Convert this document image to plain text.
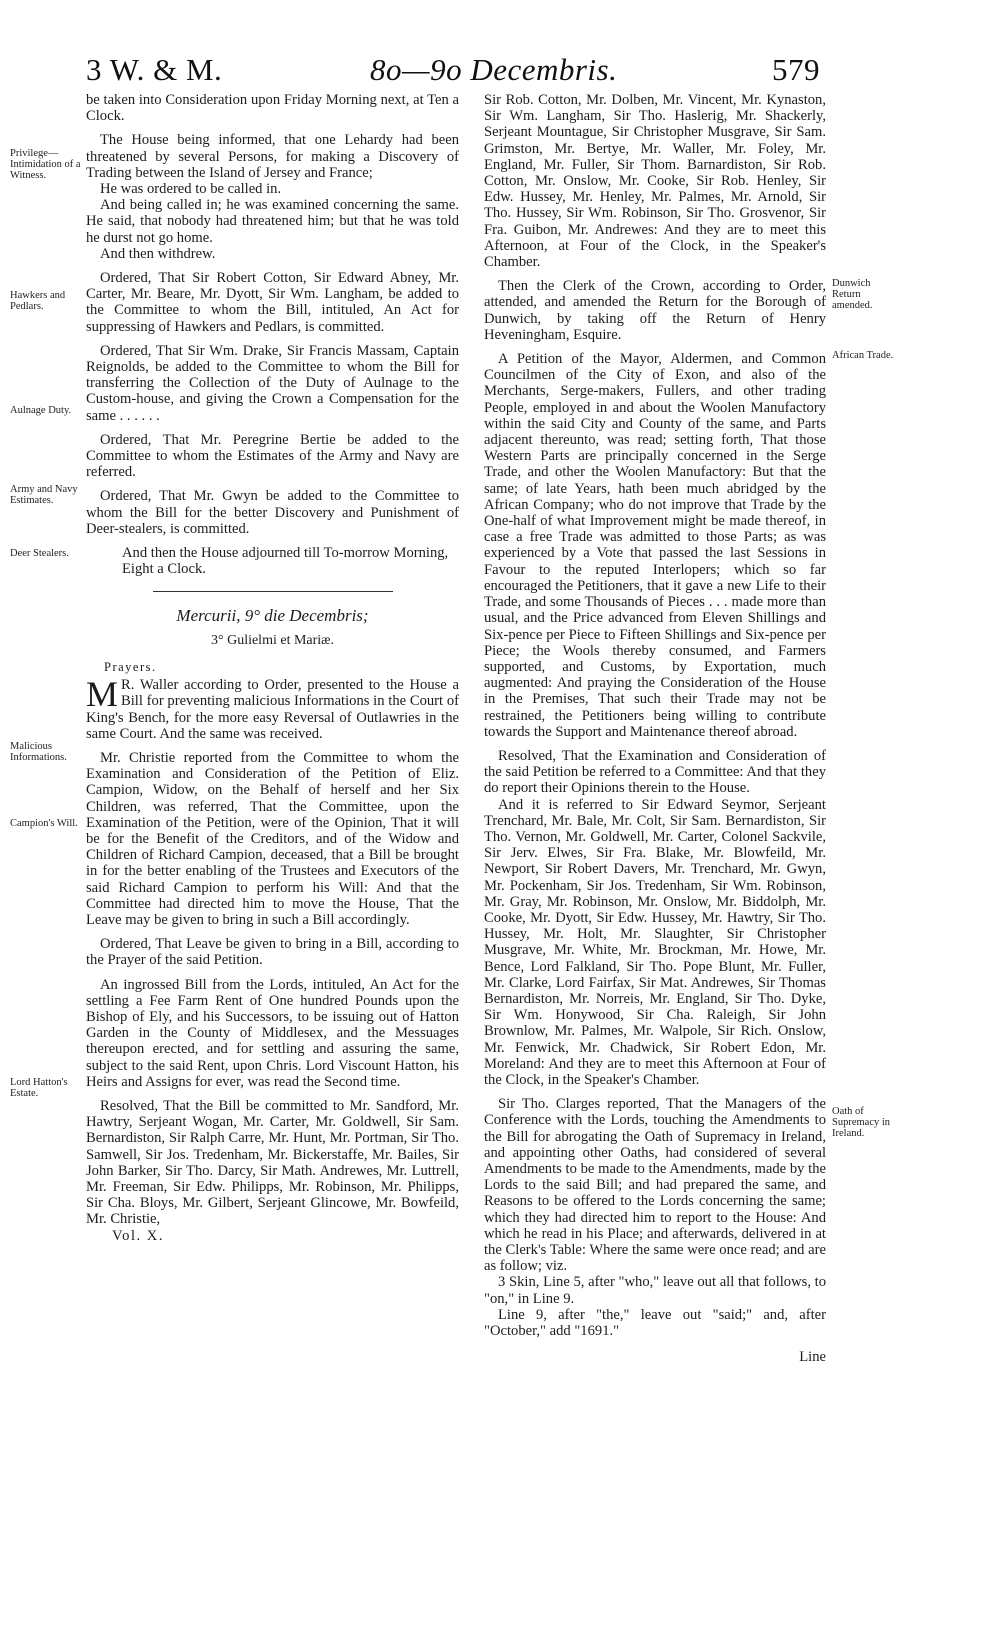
3 W. & M.	8o—9o Decembris.	579
Privilege— Intimidation of a Witness.
Hawkers and Pedlars.
Aulnage Duty.
Army and Navy Estimates.
Deer Stealers.
Malicious Informations.
Campion's Will.
Lord Hatton's Estate.
Dunwich Return amended.
African Trade.
Oath of Supremacy in Ireland.

be taken into Consideration upon Friday Morning next, at Ten a Clock.

The House being informed, that one Lehardy had been threatened by several Persons, for making a Discovery of Trading between the Island of Jersey and France;

He was ordered to be called in.

And being called in; he was examined concerning the same. He said, that nobody had threatened him; but that he was told he durst not go home.

And then withdrew.

Ordered, That Sir Robert Cotton, Sir Edward Abney, Mr. Carter, Mr. Beare, Mr. Dyott, Sir Wm. Langham, be added to the Committee to whom the Bill, intituled, An Act for suppressing of Hawkers and Pedlars, is committed.

Ordered, That Sir Wm. Drake, Sir Francis Massam, Captain Reignolds, be added to the Committee to whom the Bill for transferring the Collection of the Duty of Aulnage to the Custom-house, and giving the Crown a Compensation for the same . . . . . .

Ordered, That Mr. Peregrine Bertie be added to the Committee to whom the Estimates of the Army and Navy are referred.

Ordered, That Mr. Gwyn be added to the Committee to whom the Bill for the better Discovery and Punishment of Deer-stealers, is committed.

And then the House adjourned till To-morrow Morning, Eight a Clock.

Mercurii, 9° die Decembris;
3° Gulielmi et Mariæ.

Prayers.

M R. Waller according to Order, presented to the House a Bill for preventing malicious Informations in the Court of King's Bench, for the more easy Reversal of Outlawries in the same Court. And the same was received.

Mr. Christie reported from the Committee to whom the Examination and Consideration of the Petition of Eliz. Campion, Widow, on the Behalf of herself and her Six Children, was referred, That the Committee, upon the Examination of the Petition, were of the Opinion, That it will be for the Benefit of the Creditors, and of the Widow and Children of Richard Campion, deceased, that a Bill be brought in for the better enabling of the Trustees and Executors of the said Richard Campion to perform his Will: And that the Committee had directed him to move the House, That the Leave may be given to bring in such a Bill accordingly.

Ordered, That Leave be given to bring in a Bill, according to the Prayer of the said Petition.

An ingrossed Bill from the Lords, intituled, An Act for the settling a Fee Farm Rent of One hundred Pounds upon the Bishop of Ely, and his Successors, to be issuing out of Hatton Garden in the County of Middlesex, and the Messuages thereupon erected, and for settling and assuring the same, subject to the said Rent, upon Chris. Lord Viscount Hatton, his Heirs and Assigns for ever, was read the Second time.

Resolved, That the Bill be committed to Mr. Sandford, Mr. Hawtry, Serjeant Wogan, Mr. Carter, Mr. Goldwell, Sir Sam. Bernardiston, Sir Ralph Carre, Mr. Hunt, Mr. Portman, Sir Tho. Samwell, Sir Jos. Tredenham, Mr. Bickerstaffe, Mr. Bailes, Sir John Barker, Sir Tho. Darcy, Sir Math. Andrewes, Mr. Luttrell, Mr. Freeman, Sir Edw. Philipps, Mr. Robinson, Mr. Philipps, Sir Cha. Bloys, Mr. Gilbert, Serjeant Glincowe, Mr. Bowfeild, Mr. Christie,

Vol. X.

Sir Rob. Cotton, Mr. Dolben, Mr. Vincent, Mr. Kynaston, Sir Wm. Langham, Sir Tho. Haslerig, Mr. Shackerly, Serjeant Mountague, Sir Christopher Musgrave, Sir Sam. Grimston, Mr. Bertye, Mr. Waller, Mr. Foley, Mr. England, Mr. Fuller, Sir Thom. Barnardiston, Sir Rob. Cotton, Mr. Onslow, Mr. Cooke, Sir Rob. Henley, Sir Edw. Hussey, Mr. Henley, Mr. Palmes, Mr. Arnold, Sir Tho. Hussey, Sir Wm. Robinson, Sir Tho. Grosvenor, Sir Fra. Guibon, Mr. Andrewes: And they are to meet this Afternoon, at Four of the Clock, in the Speaker's Chamber.

Then the Clerk of the Crown, according to Order, attended, and amended the Return for the Borough of Dunwich, by taking off the Return of Henry Heveningham, Esquire.

A Petition of the Mayor, Aldermen, and Common Councilmen of the City of Exon, and also of the Merchants, Serge-makers, Fullers, and other trading People, employed in and about the Woolen Manufactory within the said City and County of the same, and Parts adjacent thereunto, was read; setting forth, That those Western Parts are principally concerned in the Serge Trade, and other the Woolen Manufactory: But that the same; of late Years, hath been much abridged by the African Company; who do not improve that Trade by the One-half of what Improvement might be made thereof, in case a free Trade was admitted to those Parts; as was experienced by a Vote that passed the last Sessions in Favour to the reputed Interlopers; which so far encouraged the Petitioners, that it gave a new Life to their Trade, and some Thousands of Pieces . . . made more than usual, and the Price advanced from Eleven Shillings and Six-pence per Piece to Fifteen Shillings and Six-pence per Piece; the Wools thereby consumed, and Farmers supported, and Customs, by Exportation, much augmented: And praying the Consideration of the House in the Premises, That such their Trade may not be restrained, the Petitioners being willing to contribute towards the Support and Maintenance thereof abroad.

Resolved, That the Examination and Consideration of the said Petition be referred to a Committee: And that they do report their Opinions therein to the House.

And it is referred to Sir Edward Seymor, Serjeant Trenchard, Mr. Bale, Mr. Colt, Sir Sam. Bernardiston, Sir Tho. Vernon, Mr. Goldwell, Mr. Carter, Colonel Sackvile, Sir Jerv. Elwes, Sir Fra. Blake, Mr. Blowfeild, Mr. Newport, Sir Robert Davers, Mr. Trenchard, Mr. Gwyn, Mr. Pockenham, Sir Jos. Tredenham, Sir Wm. Robinson, Mr. Gray, Mr. Robinson, Mr. Onslow, Mr. Biddolph, Mr. Cooke, Mr. Dyott, Sir Edw. Hussey, Mr. Hawtry, Sir Tho. Hussey, Mr. Holt, Mr. Slaughter, Sir Christopher Musgrave, Mr. White, Mr. Brockman, Mr. Howe, Mr. Bence, Lord Falkland, Sir Tho. Pope Blunt, Mr. Fuller, Mr. Clarke, Lord Fairfax, Sir Mat. Andrewes, Sir Thomas Bernardiston, Mr. Norreis, Mr. England, Sir Tho. Dyke, Sir Wm. Honywood, Sir Cha. Raleigh, Sir John Brownlow, Mr. Palmes, Mr. Walpole, Sir Rich. Onslow, Mr. Fenwick, Mr. Chadwick, Sir Robert Edon, Mr. Moreland: And they are to meet this Afternoon at Four of the Clock, in the Speaker's Chamber.

Sir Tho. Clarges reported, That the Managers of the Conference with the Lords, touching the Amendments to the Bill for abrogating the Oath of Supremacy in Ireland, and appointing other Oaths, had considered of several Amendments to be made to the Amendments, made by the Lords to the said Bill; and had prepared the same, and Reasons to be offered to the Lords concerning the same; which they had directed him to report to the House: And which he read in his Place; and afterwards, delivered in at the Clerk's Table: Where the same were once read; and are as follow; viz.

3 Skin, Line 5, after "who," leave out all that follows, to "on," in Line 9.

Line 9, after "the," leave out "said;" and, after "October," add "1691."

Line
